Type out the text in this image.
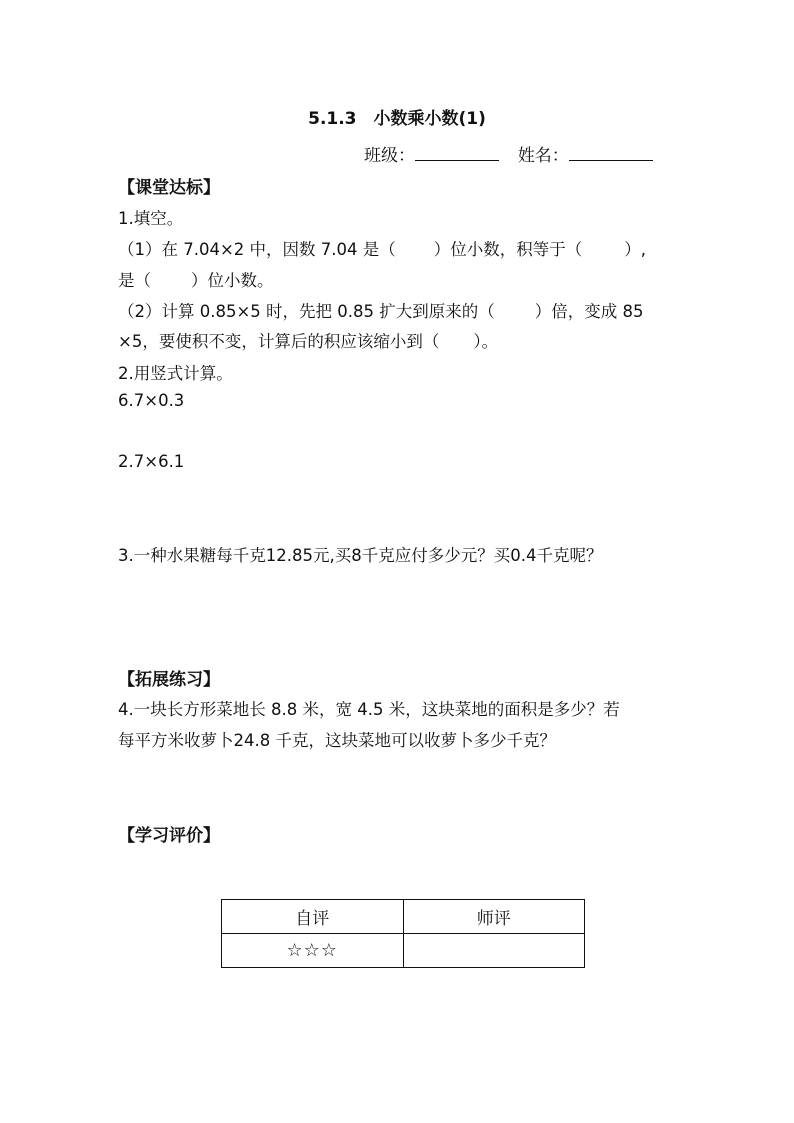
5.1.3　小数乘小数(1)
班级：	姓名：
【课堂达标】
1.填空。
（1）在 7.04×2 中，因数 7.04 是（ ）位小数，积等于（	）,
是（ ）位小数。
（2）计算 0.85×5 时，先把 0.85 扩大到原来的（ ）倍，变成 85
×5，要使积不变，计算后的积应该缩小到（ ）。
2.用竖式计算。
6.7×0.3
2.7×6.1
3.一种水果糖每千克12.85元,买8千克应付多少元？买0.4千克呢？
【拓展练习】
4.一块长方形菜地长 8.8 米，宽 4.5 米，这块菜地的面积是多少？若
每平方米收萝卜24.8 千克，这块菜地可以收萝卜多少千克？
【学习评价】
自评	师评
☆☆☆	
